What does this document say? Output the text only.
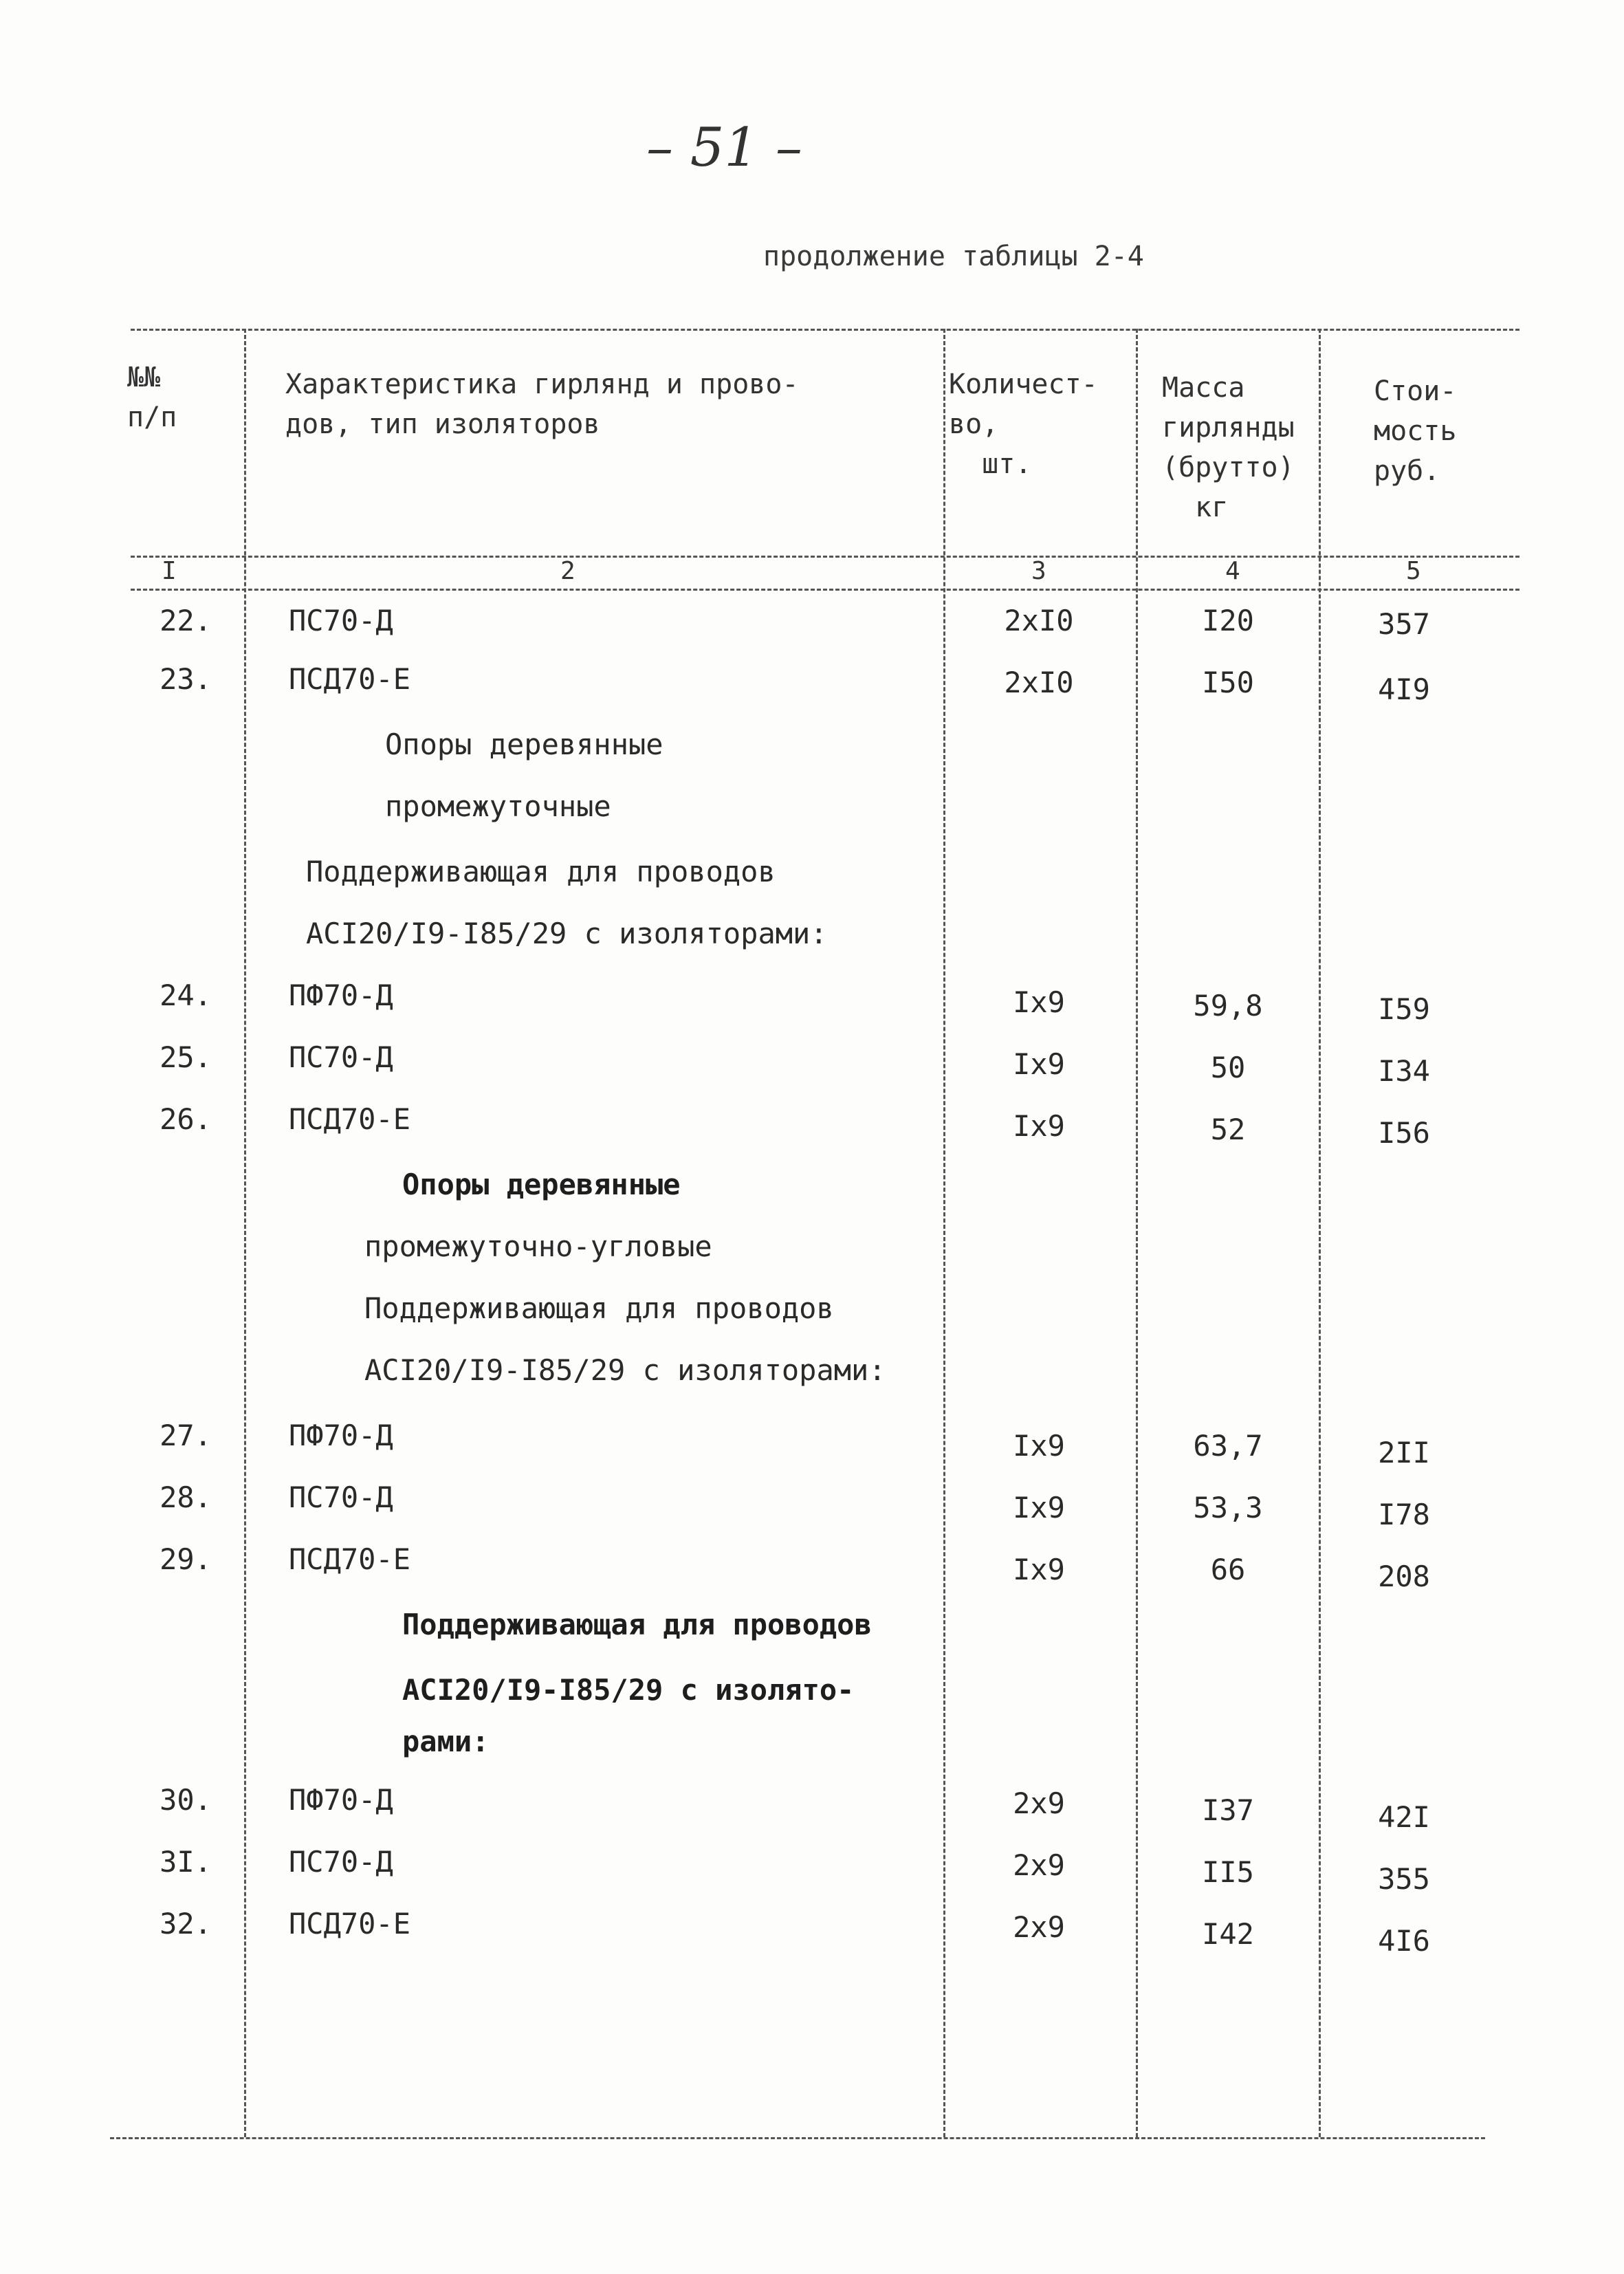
– 51 –
продолжение таблицы 2-4
№№
п/п
Характеристика гирлянд и прово-
дов, тип изоляторов
Количест-
во,
шт.
Масса
гирлянды
(брутто)
кг
Стои-
мость
руб.
I	2	3	4	5
22.	ПС70-Д	2xI0	I20	357
23.	ПСД70-Е	2xI0	I50	4I9
Опоры деревянные
промежуточные
Поддерживающая для проводов
АСI20/I9-I85/29 с изоляторами:
24.	ПФ70-Д	Ix9	59,8	I59
25.	ПС70-Д	Ix9	50	I34
26.	ПСД70-Е	Ix9	52	I56
Опоры деревянные
промежуточно-угловые
Поддерживающая для проводов
АСI20/I9-I85/29 с изоляторами:
27.	ПФ70-Д	Ix9	63,7	2II
28.	ПС70-Д	Ix9	53,3	I78
29.	ПСД70-Е	Ix9	66	208
Поддерживающая для проводов
АСI20/I9-I85/29 с изолято-
рами:
30.	ПФ70-Д	2x9	I37	42I
3I.	ПС70-Д	2x9	II5	355
32.	ПСД70-Е	2x9	I42	4I6
